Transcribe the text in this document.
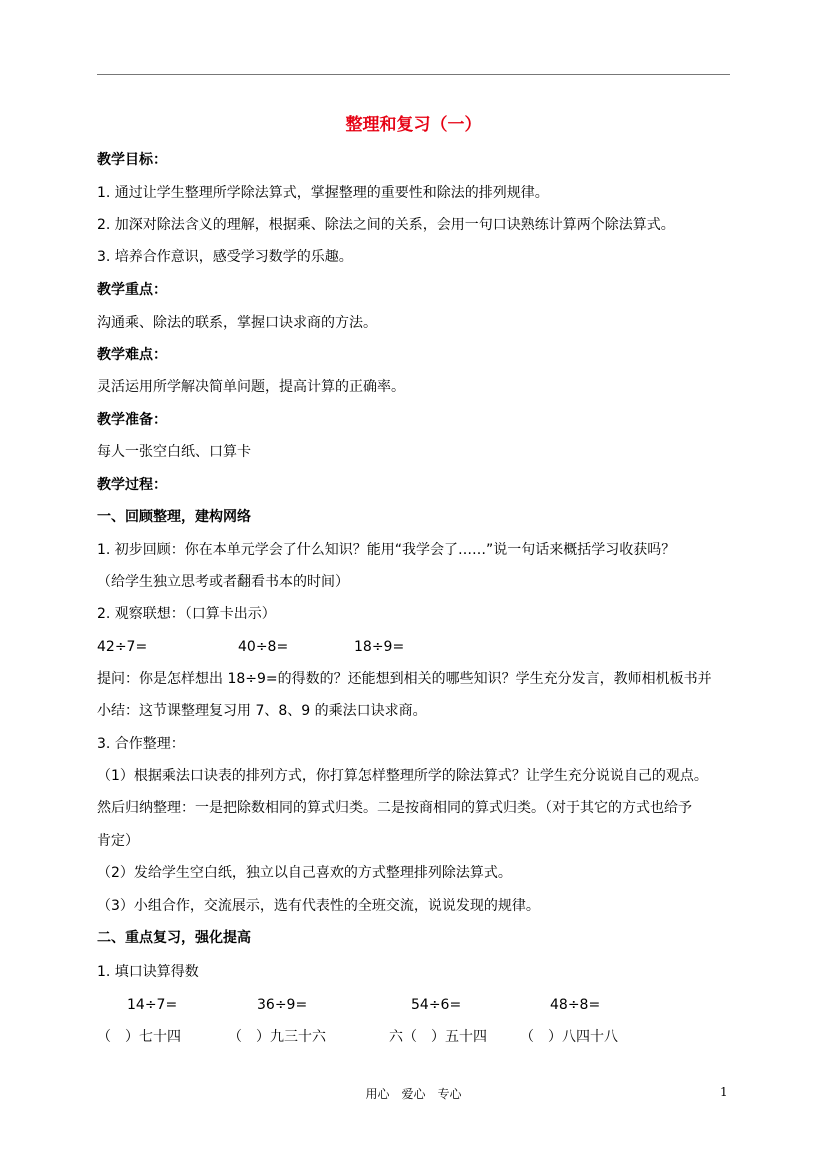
整理和复习（一）
教学目标：
1. 通过让学生整理所学除法算式，掌握整理的重要性和除法的排列规律。
2. 加深对除法含义的理解，根据乘、除法之间的关系，会用一句口诀熟练计算两个除法算式。
3. 培养合作意识，感受学习数学的乐趣。
教学重点：
沟通乘、除法的联系，掌握口诀求商的方法。
教学难点：
灵活运用所学解决简单问题，提高计算的正确率。
教学准备：
每人一张空白纸、口算卡
教学过程：
一、回顾整理，建构网络
1. 初步回顾：你在本单元学会了什么知识？能用“我学会了……”说一句话来概括学习收获吗？
（给学生独立思考或者翻看书本的时间）
2. 观察联想：（口算卡出示）
42÷7=	40÷8=	18÷9=
提问：你是怎样想出 18÷9=的得数的？还能想到相关的哪些知识？学生充分发言，教师相机板书并
小结：这节课整理复习用 7、8、9 的乘法口诀求商。
3. 合作整理：
（1）根据乘法口诀表的排列方式，你打算怎样整理所学的除法算式？让学生充分说说自己的观点。
然后归纳整理：一是把除数相同的算式归类。二是按商相同的算式归类。（对于其它的方式也给予
肯定）
（2）发给学生空白纸，独立以自己喜欢的方式整理排列除法算式。
（3）小组合作，交流展示，选有代表性的全班交流，说说发现的规律。
二、重点复习，强化提高
1. 填口诀算得数
14÷7=	36÷9=	54÷6=	48÷8=
（　）七十四	（　）九三十六	六（　）五十四 （　）八四十八
用心　爱心　专心	1
